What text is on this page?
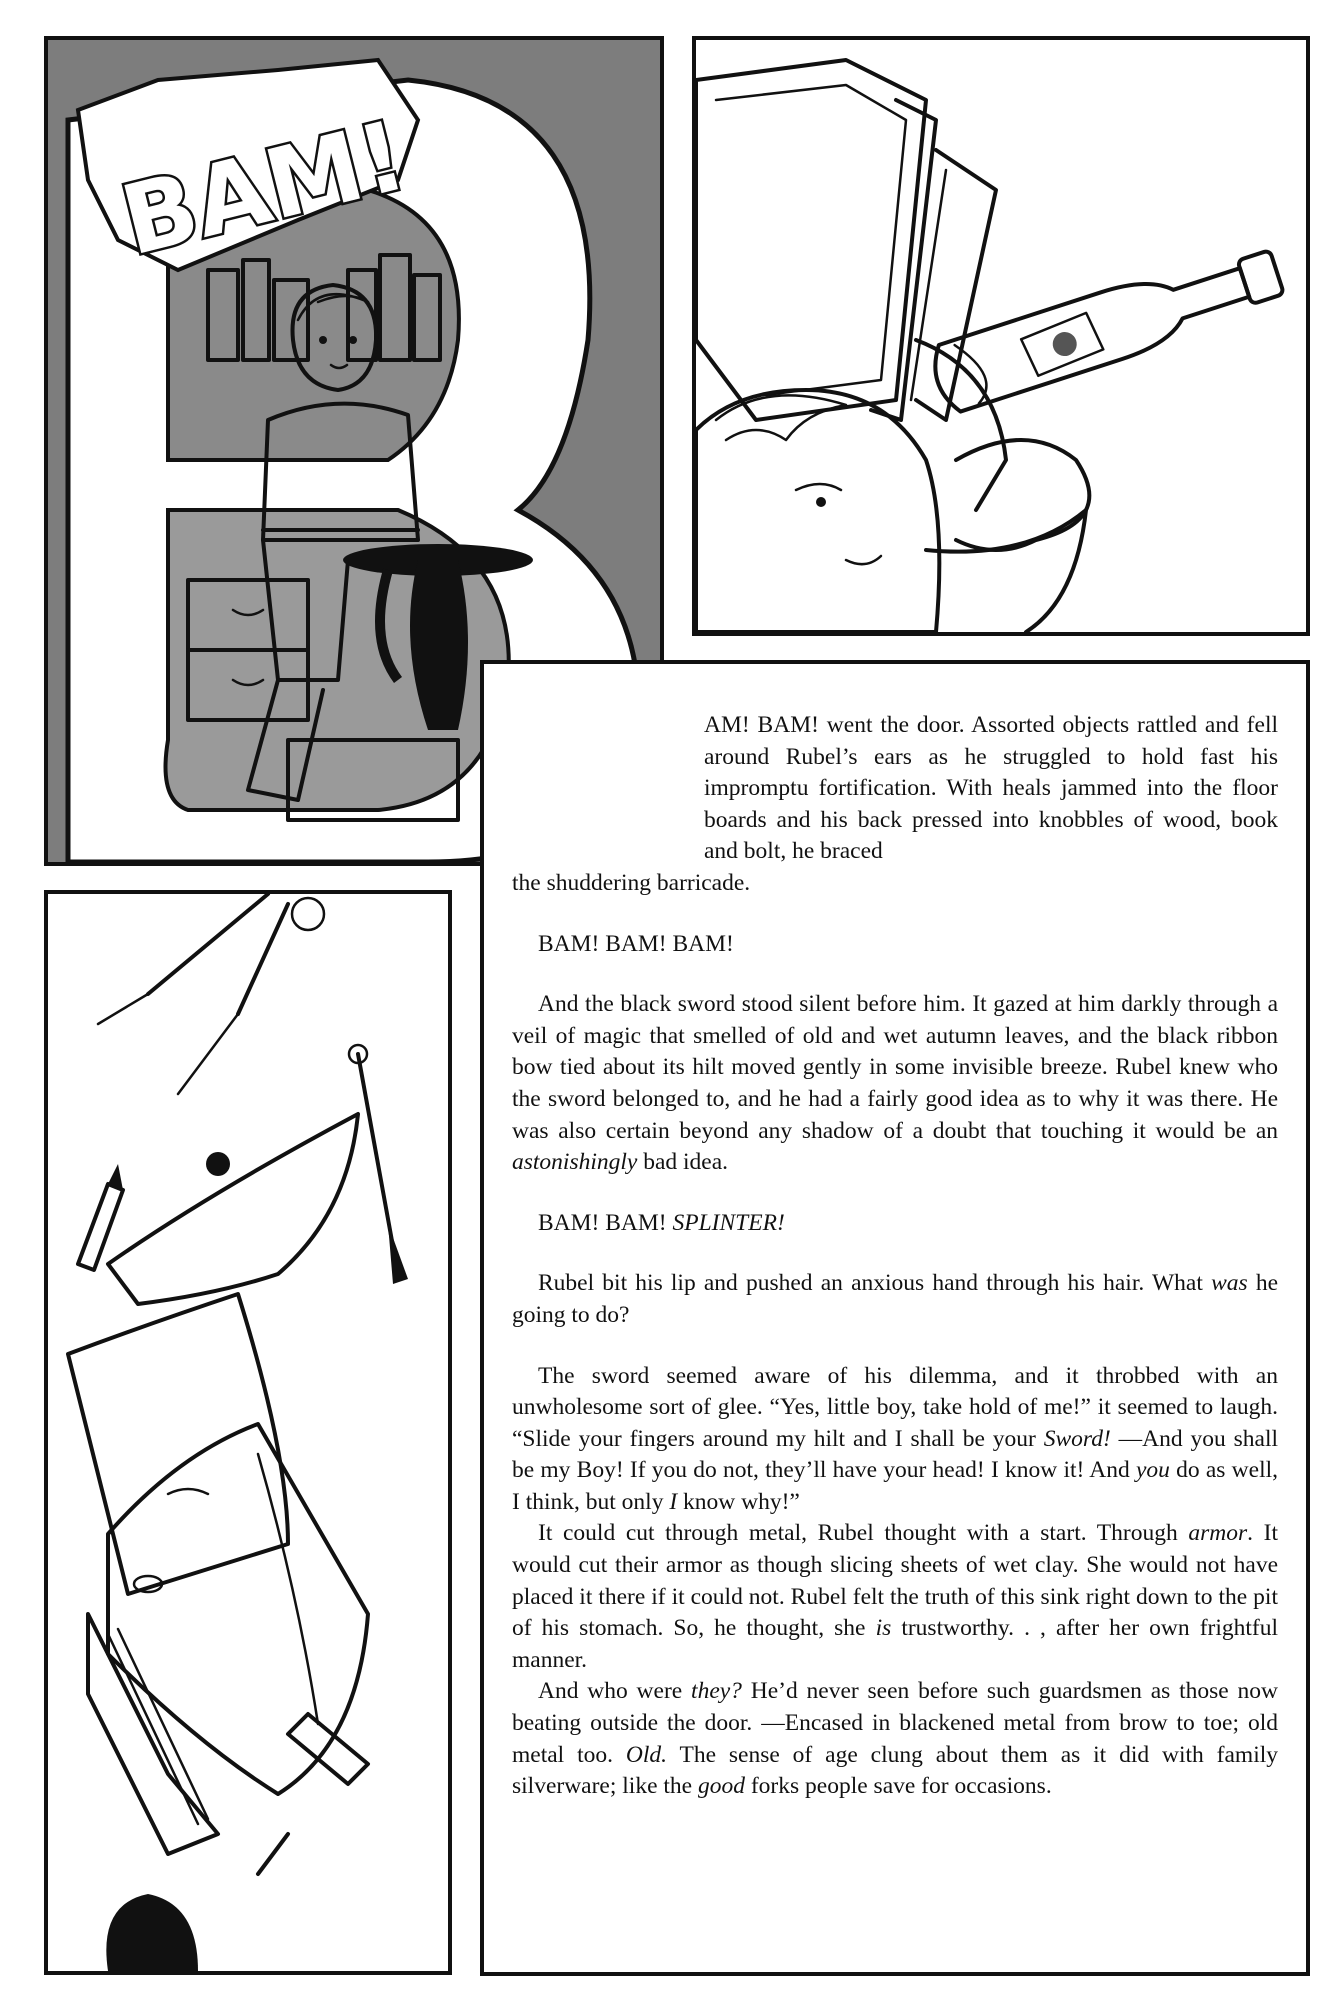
BAM!

AM! BAM! went the door. Assorted objects rattled and fell around Rubel’s ears as he struggled to hold fast his impromptu fortification. With heals jammed into the floor boards and his back pressed into knobbles of wood, book and bolt, he braced

the shuddering barricade.

BAM! BAM! BAM!

And the black sword stood silent before him. It gazed at him darkly through a veil of magic that smelled of old and wet autumn leaves, and the black ribbon bow tied about its hilt moved gently in some invisible breeze. Rubel knew who the sword belonged to, and he had a fairly good idea as to why it was there. He was also certain beyond any shadow of a doubt that touching it would be an astonishingly bad idea.

BAM! BAM! SPLINTER!

Rubel bit his lip and pushed an anxious hand through his hair. What was he going to do?

The sword seemed aware of his dilemma, and it throbbed with an unwholesome sort of glee. “Yes, little boy, take hold of me!” it seemed to laugh. “Slide your fingers around my hilt and I shall be your Sword! —And you shall be my Boy! If you do not, they’ll have your head! I know it! And you do as well, I think, but only I know why!”

It could cut through metal, Rubel thought with a start. Through armor. It would cut their armor as though slicing sheets of wet clay. She would not have placed it there if it could not. Rubel felt the truth of this sink right down to the pit of his stomach. So, he thought, she is trustworthy. . , after her own frightful manner.

And who were they? He’d never seen before such guardsmen as those now beating outside the door. —Encased in blackened metal from brow to toe; old metal too. Old. The sense of age clung about them as it did with family silverware; like the good forks people save for occasions.
